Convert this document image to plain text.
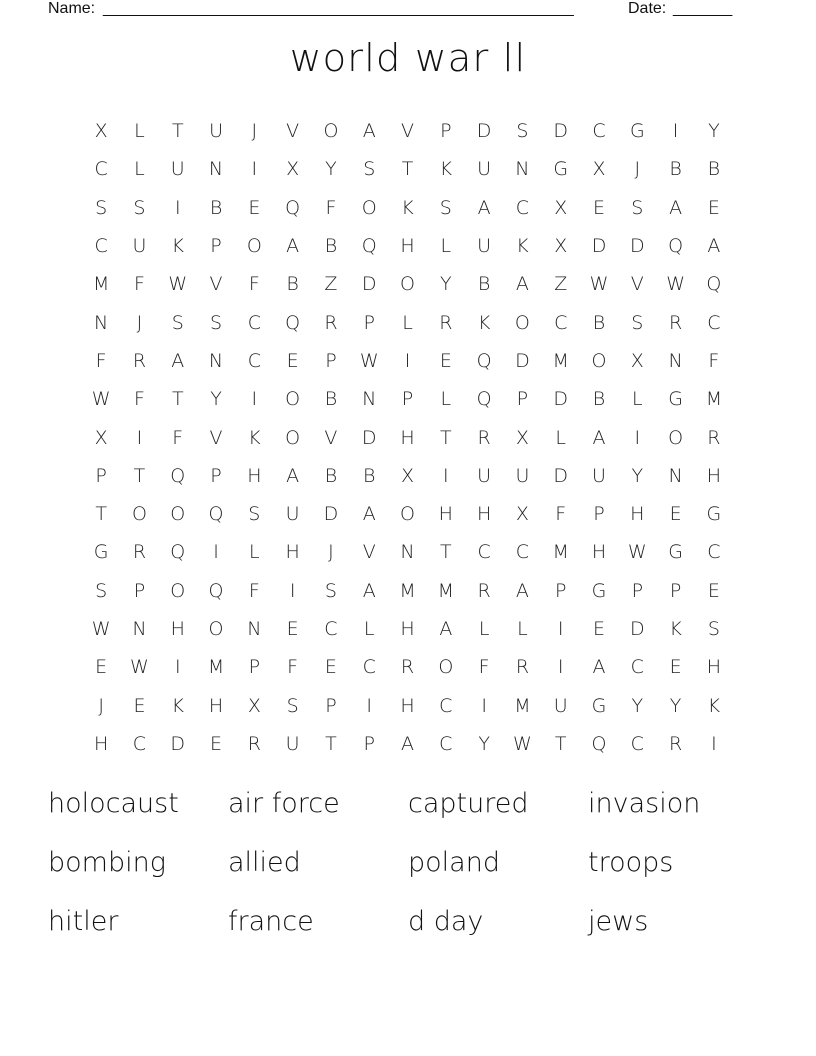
Name: ________________________________________________________	Date: _______
world war ll
X	L	T	U	J	V	O	A	V	P	D	S	D	C	G	I	Y
C	L	U	N	I	X	Y	S	T	K	U	N	G	X	J	B	B
S	S	I	B	E	Q	F	O	K	S	A	C	X	E	S	A	E
C	U	K	P	O	A	B	Q	H	L	U	K	X	D	D	Q	A
M	F	W	V	F	B	Z	D	O	Y	B	A	Z	W	V	W	Q
N	J	S	S	C	Q	R	P	L	R	K	O	C	B	S	R	C
F	R	A	N	C	E	P	W	I	E	Q	D	M	O	X	N	F
W	F	T	Y	I	O	B	N	P	L	Q	P	D	B	L	G	M
X	I	F	V	K	O	V	D	H	T	R	X	L	A	I	O	R
P	T	Q	P	H	A	B	B	X	I	U	U	D	U	Y	N	H
T	O	O	Q	S	U	D	A	O	H	H	X	F	P	H	E	G
G	R	Q	I	L	H	J	V	N	T	C	C	M	H	W	G	C
S	P	O	Q	F	I	S	A	M	M	R	A	P	G	P	P	E
W	N	H	O	N	E	C	L	H	A	L	L	I	E	D	K	S
E	W	I	M	P	F	E	C	R	O	F	R	I	A	C	E	H
J	E	K	H	X	S	P	I	H	C	I	M	U	G	Y	Y	K
H	C	D	E	R	U	T	P	A	C	Y	W	T	Q	C	R	I
holocaust	air force	captured	invasion
bombing	allied	poland	troops
hitler	france	d day	jews
